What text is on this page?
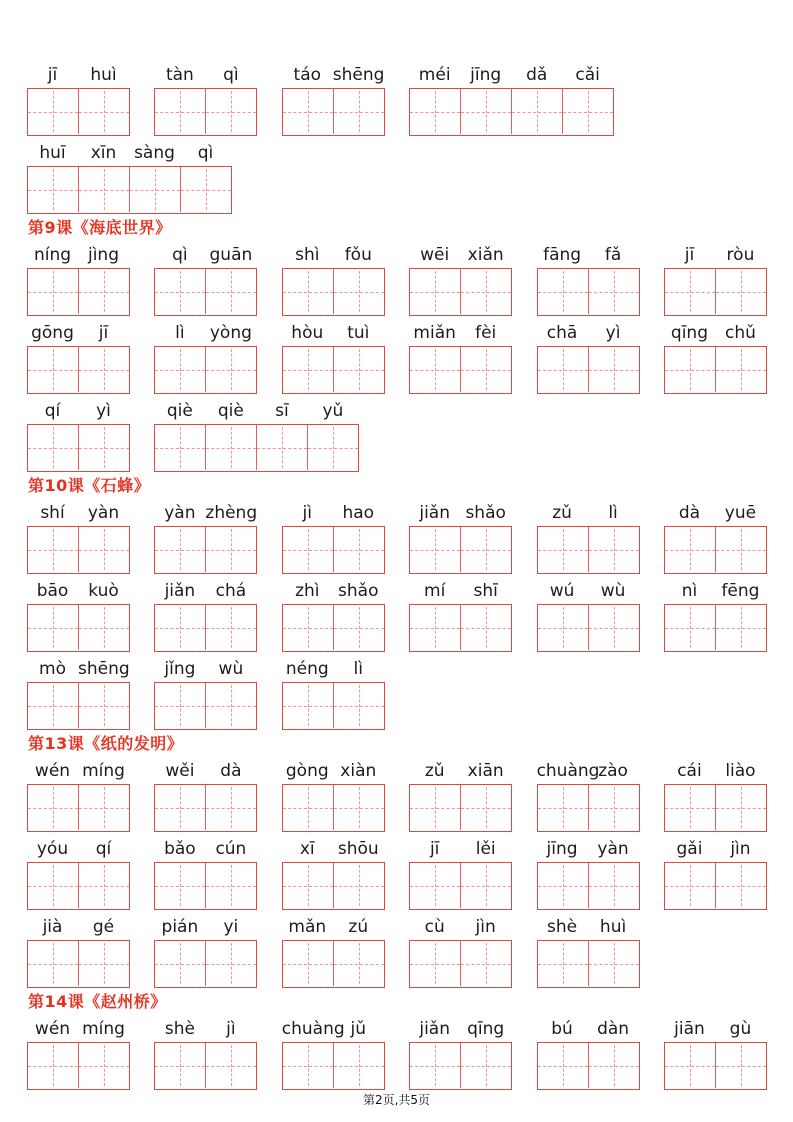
jī	huì	tàn	qì	táo shēng	méi	jīng	dǎ	cǎi
huī	xīn	sàng	qì
第9课《海底世界》
níng jìng	qì	guān	shì	fǒu	wēi	xiǎn	fāng	fǎ	jī	ròu
gōng	jī	lì	yòng	hòu	tuì	miǎn	fèi	chā	yì	qīng	chǔ
qí	yì	qiè	qiè	sī	yǔ
第10课《石蜂》
shí	yàn	yàn zhèng	jì	hao	jiǎn shǎo	zǔ	lì	dà	yuē
bāo	kuò	jiǎn	chá	zhì	shǎo	mí	shī	wú	wù	nì	fēng
mò shēng	jǐng	wù	néng	lì
第13课《纸的发明》
wén míng	wěi	dà	gòng xiàn	zǔ	xiān	chuàng
zào	cái	liào
yóu	qí	bǎo	cún	xī	shōu	jī	lěi	jīng	yàn	gǎi	jìn
jià	gé	pián	yi	mǎn	zú	cù	jìn	shè	huì
第14课《赵州桥》
wén míng	shè	jì	chuàng jǔ	jiǎn	qīng	bú	dàn	jiān	gù
第2页,共5页
